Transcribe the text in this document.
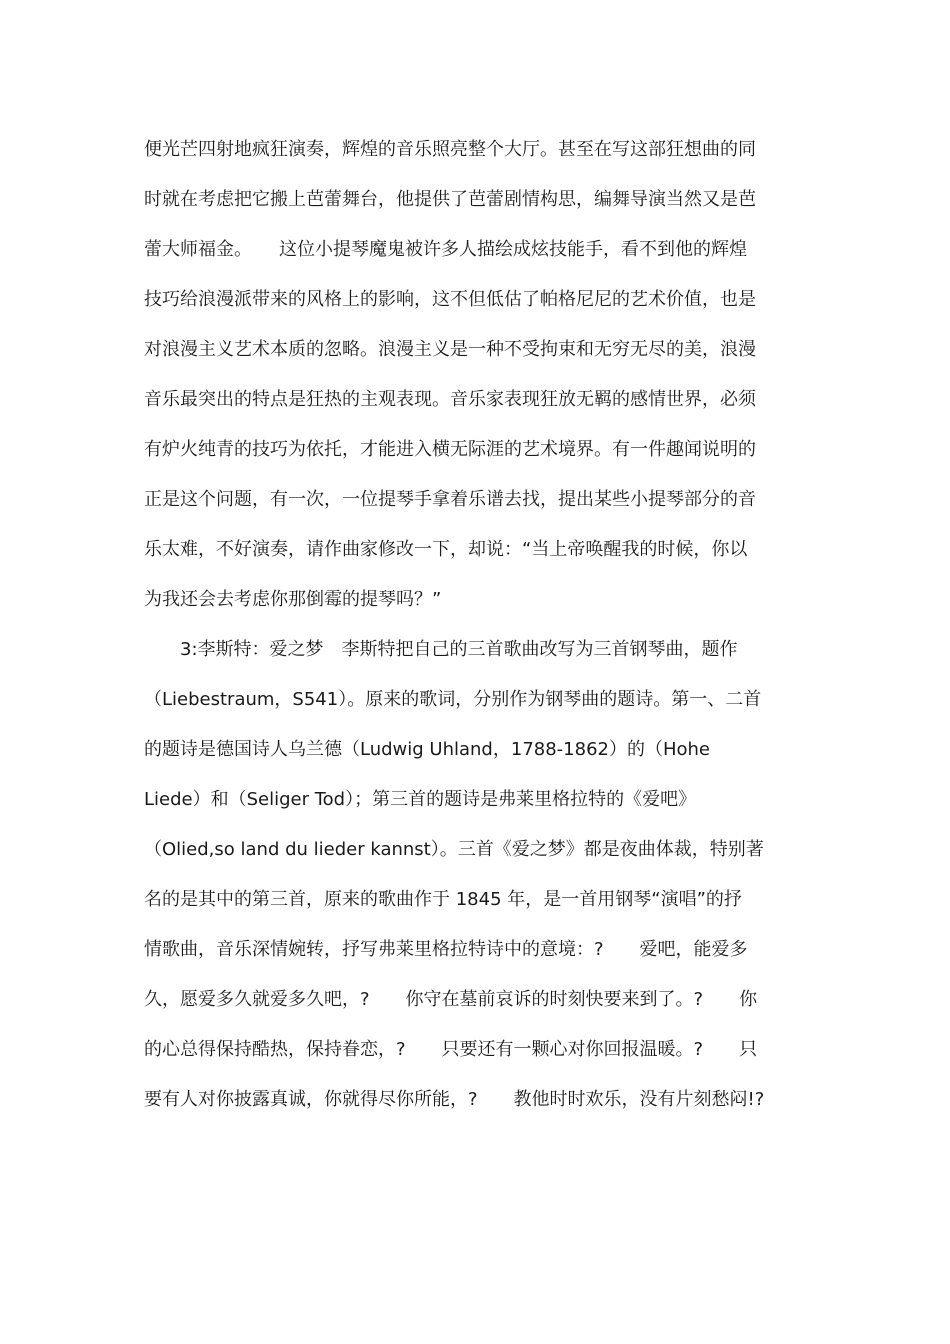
便光芒四射地疯狂演奏，辉煌的音乐照亮整个大厅。甚至在写这部狂想曲的同
时就在考虑把它搬上芭蕾舞台，他提供了芭蕾剧情构思，编舞导演当然又是芭
蕾大师福金。　　这位小提琴魔鬼被许多人描绘成炫技能手，看不到他的辉煌
技巧给浪漫派带来的风格上的影响，这不但低估了帕格尼尼的艺术价值，也是
对浪漫主义艺术本质的忽略。浪漫主义是一种不受拘束和无穷无尽的美，浪漫
音乐最突出的特点是狂热的主观表现。音乐家表现狂放无羁的感情世界，必须
有炉火纯青的技巧为依托，才能进入横无际涯的艺术境界。有一件趣闻说明的
正是这个问题，有一次，一位提琴手拿着乐谱去找，提出某些小提琴部分的音
乐太难，不好演奏，请作曲家修改一下，却说：“当上帝唤醒我的时候，你以
为我还会去考虑你那倒霉的提琴吗？”
　　3:李斯特：爱之梦　李斯特把自己的三首歌曲改写为三首钢琴曲，题作
（Liebestraum，S541）。原来的歌词，分别作为钢琴曲的题诗。第一、二首
的题诗是德国诗人乌兰德（Ludwig Uhland，1788-1862）的（Hohe
Liede）和（Seliger Tod）；第三首的题诗是弗莱里格拉特的《爱吧》
（Olied,so land du lieder kannst）。三首《爱之梦》都是夜曲体裁，特别著
名的是其中的第三首，原来的歌曲作于 1845 年，是一首用钢琴“演唱”的抒
情歌曲，音乐深情婉转，抒写弗莱里格拉特诗中的意境：?　　爱吧，能爱多
久，愿爱多久就爱多久吧，?　　你守在墓前哀诉的时刻快要来到了。?　　你
的心总得保持酷热，保持眷恋，?　　只要还有一颗心对你回报温暖。?　　只
要有人对你披露真诚，你就得尽你所能，?　　教他时时欢乐，没有片刻愁闷!?
